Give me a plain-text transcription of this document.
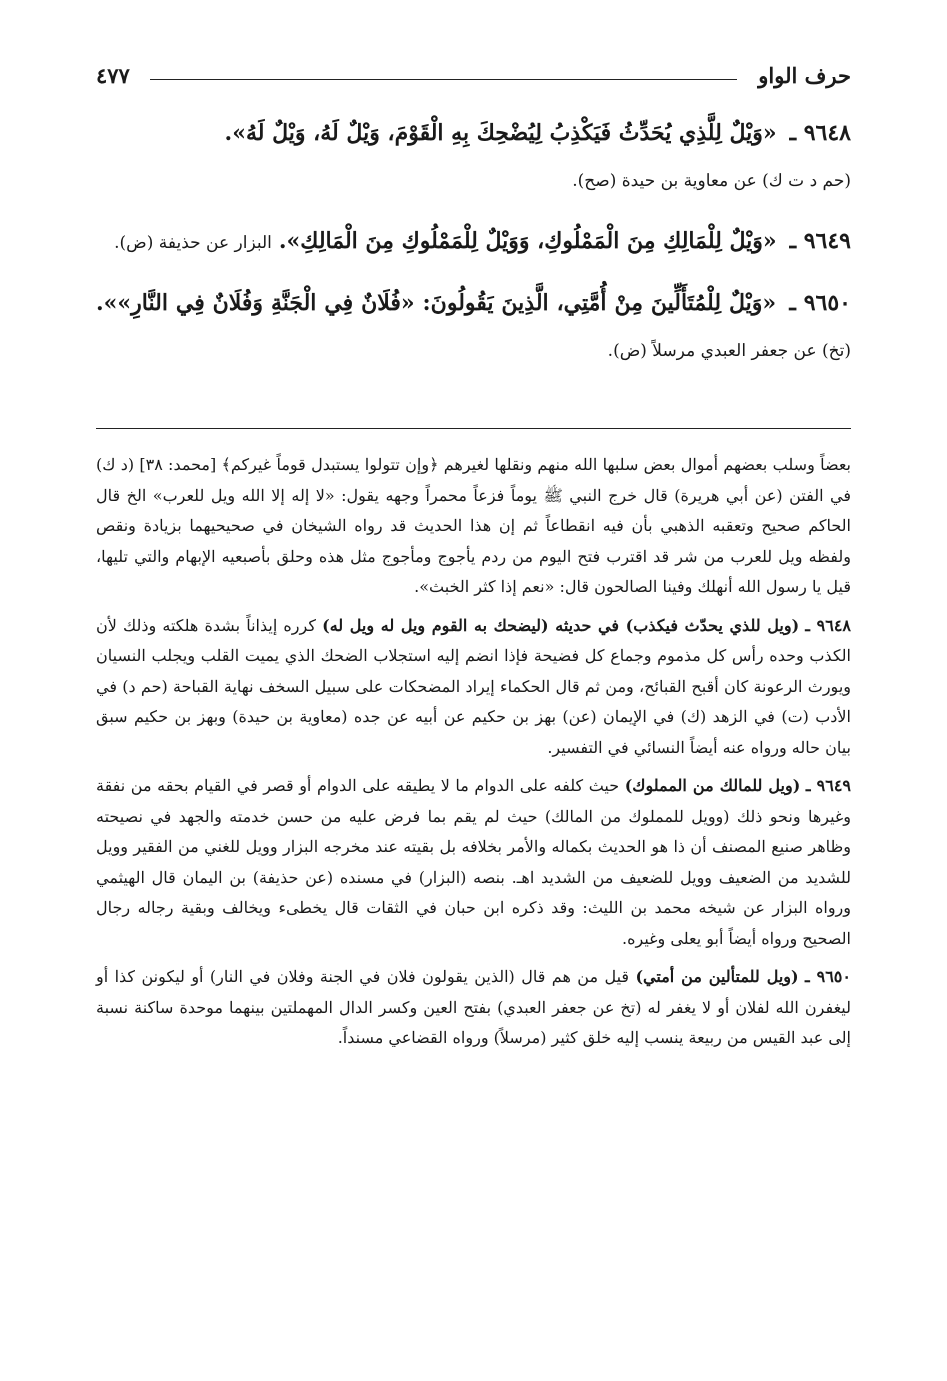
حرف الواو
٤٧٧

٩٦٤٨ ـ «وَيْلٌ لِلَّذِي يُحَدِّثُ فَيَكْذِبُ لِيُضْحِكَ بِهِ الْقَوْمَ، وَيْلٌ لَهُ، وَيْلٌ لَهُ».
(حم د ت ك) عن معاوية بن حيدة (صح).

٩٦٤٩ ـ «وَيْلٌ لِلْمَالِكِ مِنَ الْمَمْلُوكِ، وَوَيْلٌ لِلْمَمْلُوكِ مِنَ الْمَالِكِ». البزار عن حذيفة (ض).

٩٦٥٠ ـ «وَيْلٌ لِلْمُتَأَلِّينَ مِنْ أُمَّتِي، الَّذِينَ يَقُولُونَ: «فُلَانٌ فِي الْجَنَّةِ وَفُلَانٌ فِي النَّارِ»». (تخ) عن جعفر العبدي مرسلاً (ض).

بعضاً وسلب بعضهم أموال بعض سلبها الله منهم ونقلها لغيرهم ﴿وإن تتولوا يستبدل قوماً غيركم﴾ [محمد: ٣٨] (د ك) في الفتن (عن أبي هريرة) قال خرج النبي ﷺ يوماً فزعاً محمراً وجهه يقول: «لا إله إلا الله ويل للعرب» الخ قال الحاكم صحيح وتعقبه الذهبي بأن فيه انقطاعاً ثم إن هذا الحديث قد رواه الشيخان في صحيحيهما بزيادة ونقص ولفظه ويل للعرب من شر قد اقترب فتح اليوم من ردم يأجوج ومأجوج مثل هذه وحلق بأصبعيه الإبهام والتي تليها، قيل يا رسول الله أنهلك وفينا الصالحون قال: «نعم إذا كثر الخبث».

٩٦٤٨ ـ (ويل للذي يحدّث فيكذب) في حديثه (ليضحك به القوم ويل له ويل له) كرره إيذاناً بشدة هلكته وذلك لأن الكذب وحده رأس كل مذموم وجماع كل فضيحة فإذا انضم إليه استجلاب الضحك الذي يميت القلب ويجلب النسيان ويورث الرعونة كان أقبح القبائح، ومن ثم قال الحكماء إيراد المضحكات على سبيل السخف نهاية القباحة (حم د) في الأدب (ت) في الزهد (ك) في الإيمان (عن) بهز بن حكيم عن أبيه عن جده (معاوية بن حيدة) وبهز بن حكيم سبق بيان حاله ورواه عنه أيضاً النسائي في التفسير.

٩٦٤٩ ـ (ويل للمالك من المملوك) حيث كلفه على الدوام ما لا يطيقه على الدوام أو قصر في القيام بحقه من نفقة وغيرها ونحو ذلك (وويل للمملوك من المالك) حيث لم يقم بما فرض عليه من حسن خدمته والجهد في نصيحته وظاهر صنيع المصنف أن ذا هو الحديث بكماله والأمر بخلافه بل بقيته عند مخرجه البزار وويل للغني من الفقير وويل للشديد من الضعيف وويل للضعيف من الشديد اهـ. بنصه (البزار) في مسنده (عن حذيفة) بن اليمان قال الهيثمي ورواه البزار عن شيخه محمد بن الليث: وقد ذكره ابن حبان في الثقات قال يخطىء ويخالف وبقية رجاله رجال الصحيح ورواه أيضاً أبو يعلى وغيره.

٩٦٥٠ ـ (ويل للمتألين من أمتي) قيل من هم قال (الذين يقولون فلان في الجنة وفلان في النار) أو ليكونن كذا أو ليغفرن الله لفلان أو لا يغفر له (تخ عن جعفر العبدي) بفتح العين وكسر الدال المهملتين بينهما موحدة ساكنة نسبة إلى عبد القيس من ربيعة ينسب إليه خلق كثير (مرسلاً) ورواه القضاعي مسنداً.
